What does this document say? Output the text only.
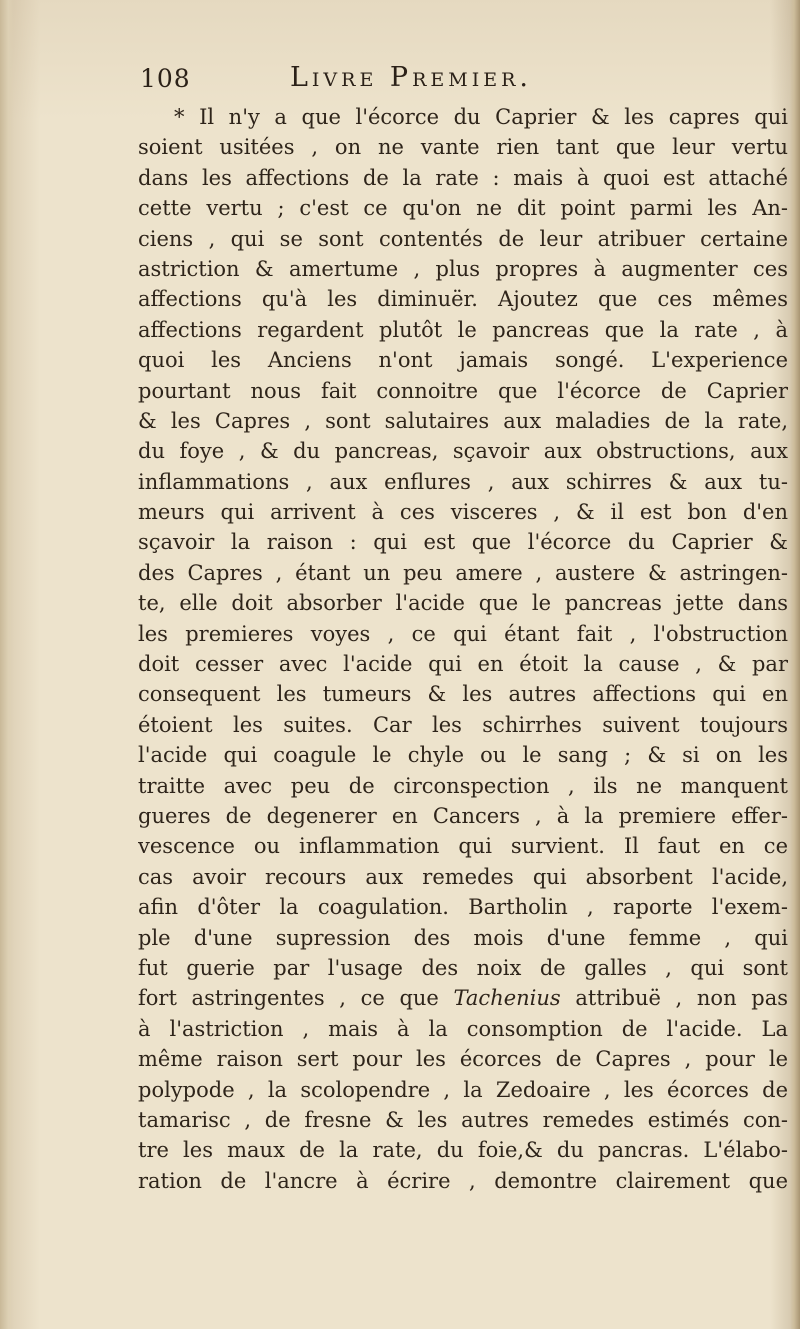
108	Livre Premier.
* Il n'y a que l'écorce du Caprier & les capres qui
soient usitées , on ne vante rien tant que leur vertu
dans les affections de la rate : mais à quoi est attaché
cette vertu ; c'est ce qu'on ne dit point parmi les An-
ciens , qui se sont contentés de leur atribuer certaine
astriction & amertume , plus propres à augmenter ces
affections qu'à les diminuër. Ajoutez que ces mêmes
affections regardent plutôt le pancreas que la rate , à
quoi les Anciens n'ont jamais songé. L'experience
pourtant nous fait connoitre que l'écorce de Caprier
& les Capres , sont salutaires aux maladies de la rate,
du foye , & du pancreas, sçavoir aux obstructions, aux
inflammations , aux enflures , aux schirres & aux tu-
meurs qui arrivent à ces visceres , & il est bon d'en
sçavoir la raison : qui est que l'écorce du Caprier &
des Capres , étant un peu amere , austere & astringen-
te, elle doit absorber l'acide que le pancreas jette dans
les premieres voyes , ce qui étant fait , l'obstruction
doit cesser avec l'acide qui en étoit la cause , & par
consequent les tumeurs & les autres affections qui en
étoient les suites. Car les schirrhes suivent toujours
l'acide qui coagule le chyle ou le sang ; & si on les
traitte avec peu de circonspection , ils ne manquent
gueres de degenerer en Cancers , à la premiere effer-
vescence ou inflammation qui survient. Il faut en ce
cas avoir recours aux remedes qui absorbent l'acide,
afin d'ôter la coagulation. Bartholin , raporte l'exem-
ple d'une supression des mois d'une femme , qui
fut guerie par l'usage des noix de galles , qui sont
fort astringentes , ce que Tachenius attribuë , non pas
à l'astriction , mais à la consomption de l'acide. La
même raison sert pour les écorces de Capres , pour le
polypode , la scolopendre , la Zedoaire , les écorces de
tamarisc , de fresne & les autres remedes estimés con-
tre les maux de la rate, du foie,& du pancras. L'élabo-
ration de l'ancre à écrire , demontre clairement que
